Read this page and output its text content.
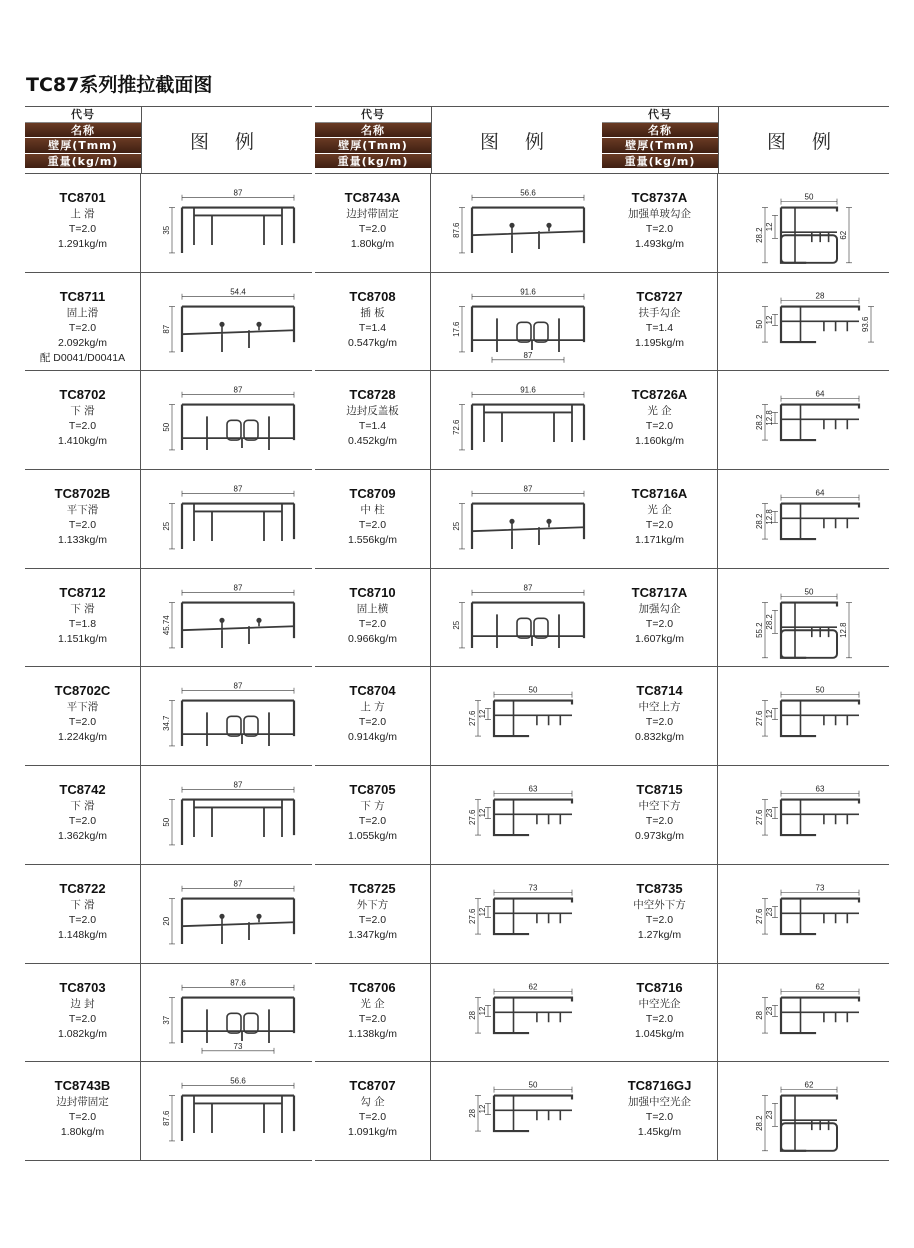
TC87系列推拉截面图
代号
名称
壁厚(Tmm)
重量(kg/m)
图 例
TC8701
上 滑
T=2.0
1.291kg/m
87
35
TC8711
固上滑
T=2.0
2.092kg/m
配 D0041/D0041A
54.4
87
TC8702
下 滑
T=2.0
1.410kg/m
87
50
TC8702B
平下滑
T=2.0
1.133kg/m
87
25
TC8712
下 滑
T=1.8
1.151kg/m
87
45.74
TC8702C
平下滑
T=2.0
1.224kg/m
87
34.7
TC8742
下 滑
T=2.0
1.362kg/m
87
50
TC8722
下 滑
T=2.0
1.148kg/m
87
20
TC8703
边 封
T=2.0
1.082kg/m
87.6
37
73
TC8743B
边封带固定
T=2.0
1.80kg/m
56.6
87.6
代号
名称
壁厚(Tmm)
重量(kg/m)
图 例
TC8743A
边封带固定
T=2.0
1.80kg/m
56.6
87.6
TC8708
插 板
T=1.4
0.547kg/m
91.6
17.6
87
TC8728
边封反盖板
T=1.4
0.452kg/m
91.6
72.6
TC8709
中 柱
T=2.0
1.556kg/m
87
25
TC8710
固上横
T=2.0
0.966kg/m
87
25
TC8704
上 方
T=2.0
0.914kg/m
50
27.6 12
TC8705
下 方
T=2.0
1.055kg/m
63
27.6 12
TC8725
外下方
T=2.0
1.347kg/m
73
27.6 12
TC8706
光 企
T=2.0
1.138kg/m
62
28 12
TC8707
勾 企
T=2.0
1.091kg/m
50
28 12
代号
名称
壁厚(Tmm)
重量(kg/m)
图 例
TC8737A
加强单玻勾企
T=2.0
1.493kg/m
50
28.2
12
62
TC8727
扶手勾企
T=1.4
1.195kg/m
28
50 12	93.6
TC8726A
光 企
T=2.0
1.160kg/m
64
28.2 12.8
TC8716A
光 企
T=2.0
1.171kg/m
64
28.2 12.8
TC8717A
加强勾企
T=2.0
1.607kg/m
50
55.2
28.2
12.8
TC8714
中空上方
T=2.0
0.832kg/m
50
27.6 12
TC8715
中空下方
T=2.0
0.973kg/m
63
27.6 23
TC8735
中空外下方
T=2.0
1.27kg/m
73
27.6 23
TC8716
中空光企
T=2.0
1.045kg/m
62
28 23
TC8716GJ
加强中空光企
T=2.0
1.45kg/m
62
28.2
23
